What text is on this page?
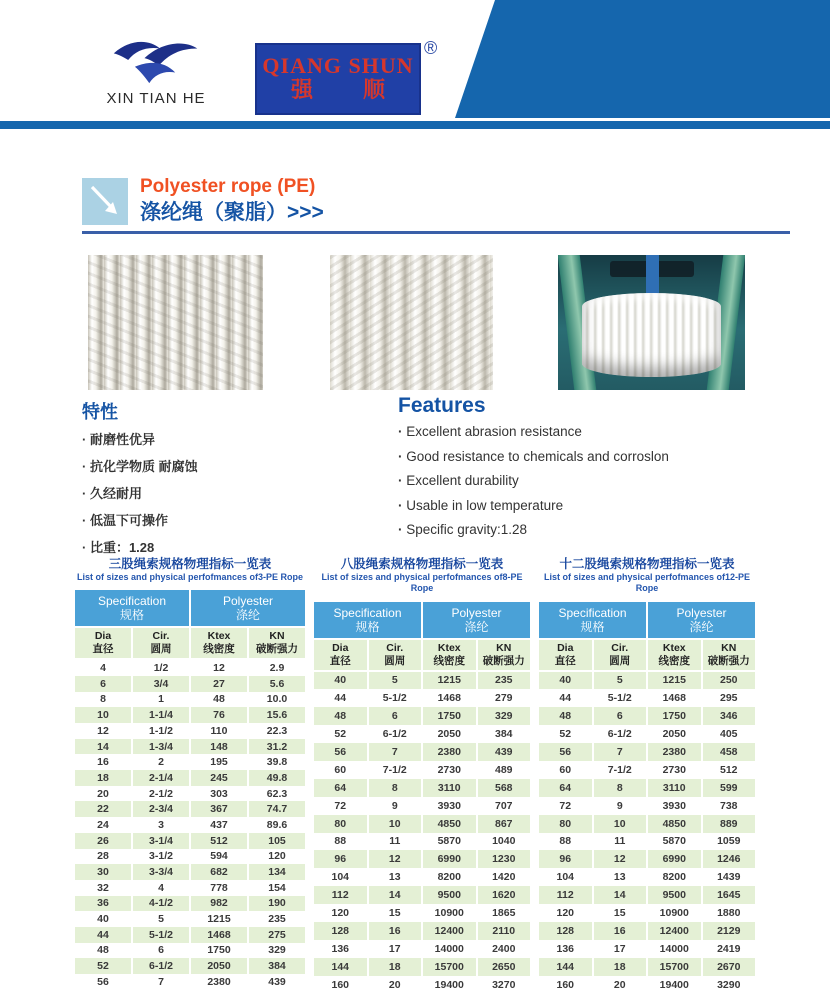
XIN TIAN HE
QIANG SHUN
强 顺
®
Polyester rope (PE)
涤纶绳（聚脂）>>>
特性
· 耐磨性优异
· 抗化学物质 耐腐蚀
· 久经耐用
· 低温下可操作
· 比重：1.28
Features
· Excellent abrasion resistance
· Good resistance to chemicals and corroslon
· Excellent durability
· Usable in low temperature
· Specific gravity:1.28
三股绳索规格物理指标一览表
List of sizes and physical perfofmances of3-PE Rope
Specification
规格
Polyester
涤纶
Dia
直径
Cir.
圆周
Ktex
线密度
KN
破断强力
4	1/2	12	2.9
6	3/4	27	5.6
8	1	48	10.0
10	1-1/4	76	15.6
12	1-1/2	110	22.3
14	1-3/4	148	31.2
16	2	195	39.8
18	2-1/4	245	49.8
20	2-1/2	303	62.3
22	2-3/4	367	74.7
24	3	437	89.6
26	3-1/4	512	105
28	3-1/2	594	120
30	3-3/4	682	134
32	4	778	154
36	4-1/2	982	190
40	5	1215	235
44	5-1/2	1468	275
48	6	1750	329
52	6-1/2	2050	384
56	7	2380	439
八股绳索规格物理指标一览表
List of sizes and physical perfofmances of8-PE Rope
Specification
规格
Polyester
涤纶
Dia
直径
Cir.
圆周
Ktex
线密度
KN
破断强力
40	5	1215	235
44	5-1/2	1468	279
48	6	1750	329
52	6-1/2	2050	384
56	7	2380	439
60	7-1/2	2730	489
64	8	3110	568
72	9	3930	707
80	10	4850	867
88	11	5870	1040
96	12	6990	1230
104	13	8200	1420
112	14	9500	1620
120	15	10900	1865
128	16	12400	2110
136	17	14000	2400
144	18	15700	2650
160	20	19400	3270
十二股绳索规格物理指标一览表
List of sizes and physical perfofmances of12-PE Rope
Specification
规格
Polyester
涤纶
Dia
直径
Cir.
圆周
Ktex
线密度
KN
破断强力
40	5	1215	250
44	5-1/2	1468	295
48	6	1750	346
52	6-1/2	2050	405
56	7	2380	458
60	7-1/2	2730	512
64	8	3110	599
72	9	3930	738
80	10	4850	889
88	11	5870	1059
96	12	6990	1246
104	13	8200	1439
112	14	9500	1645
120	15	10900	1880
128	16	12400	2129
136	17	14000	2419
144	18	15700	2670
160	20	19400	3290
